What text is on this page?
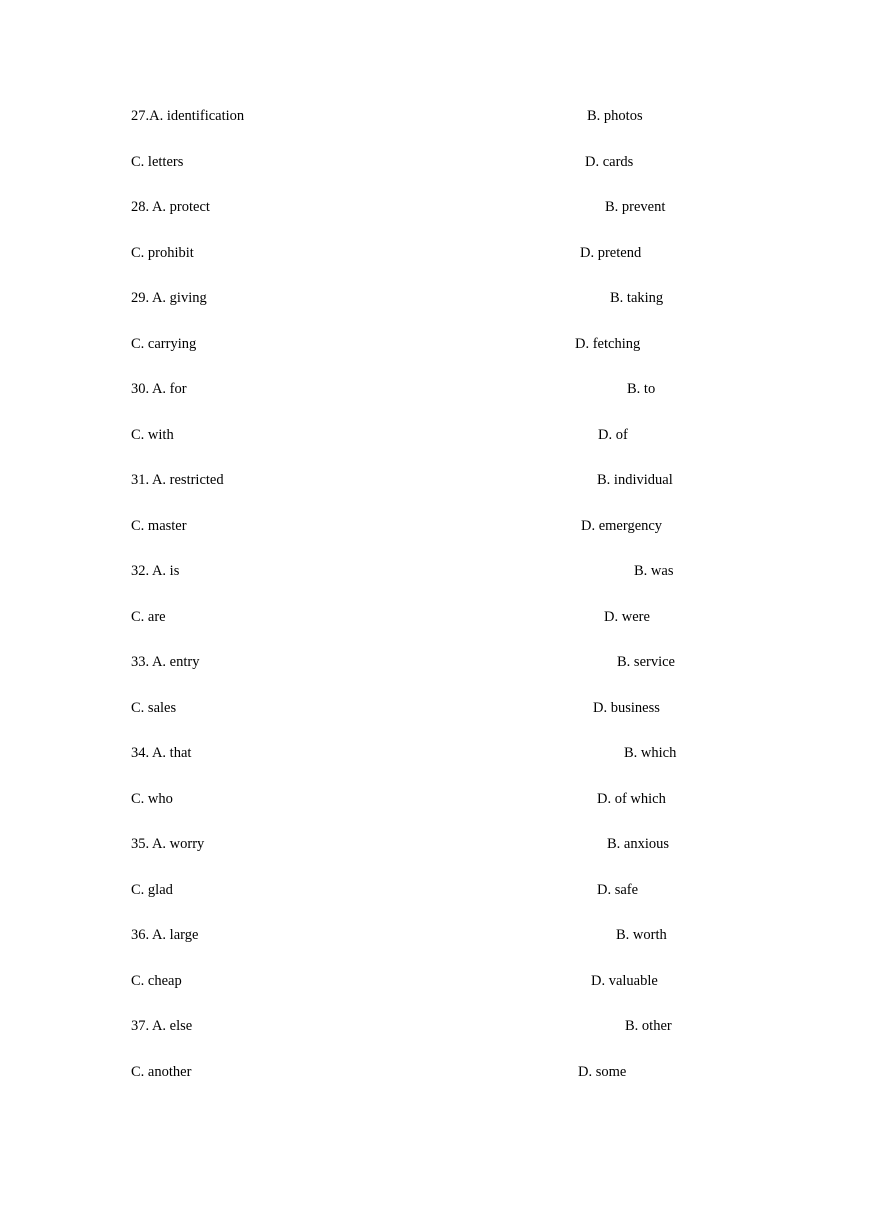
27.A. identification	B. photos
C. letters	D. cards
28. A. protect	B. prevent
C. prohibit	D. pretend
29. A. giving	B. taking
C. carrying	D. fetching
30. A. for	B. to
C. with	D. of
31. A. restricted	B. individual
C. master	D. emergency
32. A. is	B. was
C. are	D. were
33. A. entry	B. service
C. sales	D. business
34. A. that	B. which
C. who	D. of which
35. A. worry	B. anxious
C. glad	D. safe
36. A. large	B. worth
C. cheap	D. valuable
37. A. else	B. other
C. another	D. some
